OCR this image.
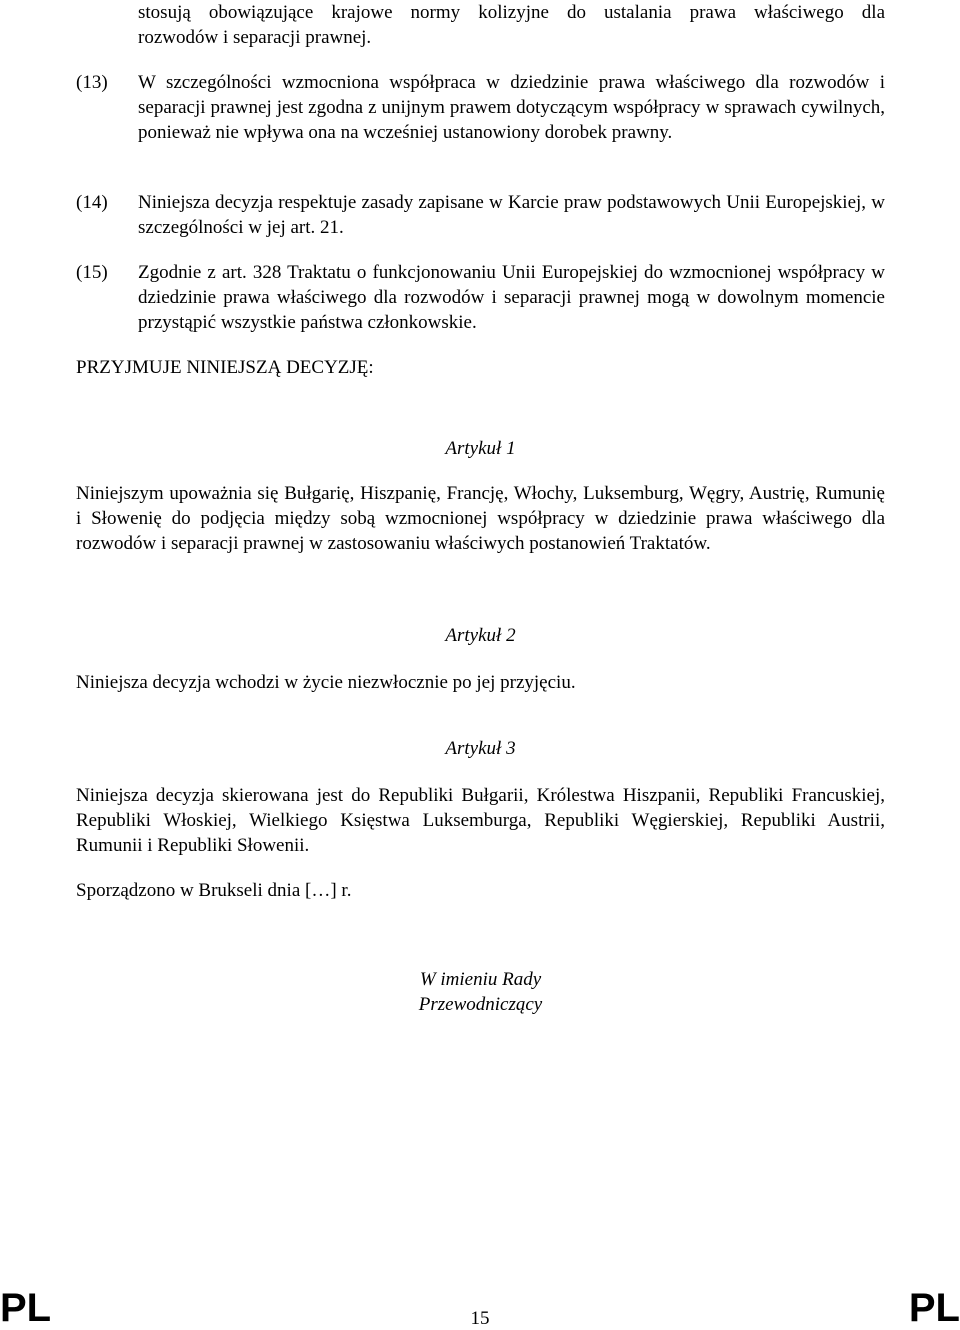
stosują obowiązujące krajowe normy kolizyjne do ustalania prawa właściwego dla
rozwodów i separacji prawnej.
(13)	W szczególności wzmocniona współpraca w dziedzinie prawa właściwego dla rozwodów i separacji prawnej jest zgodna z unijnym prawem dotyczącym współpracy w sprawach cywilnych, ponieważ nie wpływa ona na wcześniej ustanowiony dorobek prawny.
(14)	Niniejsza decyzja respektuje zasady zapisane w Karcie praw podstawowych Unii Europejskiej, w szczególności w jej art. 21.
(15)	Zgodnie z art. 328 Traktatu o funkcjonowaniu Unii Europejskiej do wzmocnionej współpracy w dziedzinie prawa właściwego dla rozwodów i separacji prawnej mogą w dowolnym momencie przystąpić wszystkie państwa członkowskie.
PRZYJMUJE NINIEJSZĄ DECYZJĘ:
Artykuł 1
Niniejszym upoważnia się Bułgarię, Hiszpanię, Francję, Włochy, Luksemburg, Węgry, Austrię, Rumunię i Słowenię do podjęcia między sobą wzmocnionej współpracy w dziedzinie prawa właściwego dla rozwodów i separacji prawnej w zastosowaniu właściwych postanowień Traktatów.
Artykuł 2
Niniejsza decyzja wchodzi w życie niezwłocznie po jej przyjęciu.
Artykuł 3
Niniejsza decyzja skierowana jest do Republiki Bułgarii, Królestwa Hiszpanii, Republiki Francuskiej, Republiki Włoskiej, Wielkiego Księstwa Luksemburga, Republiki Węgierskiej, Republiki Austrii, Rumunii i Republiki Słowenii.
Sporządzono w Brukseli dnia […] r.
W imieniu Rady
Przewodniczący
PL	15	PL
